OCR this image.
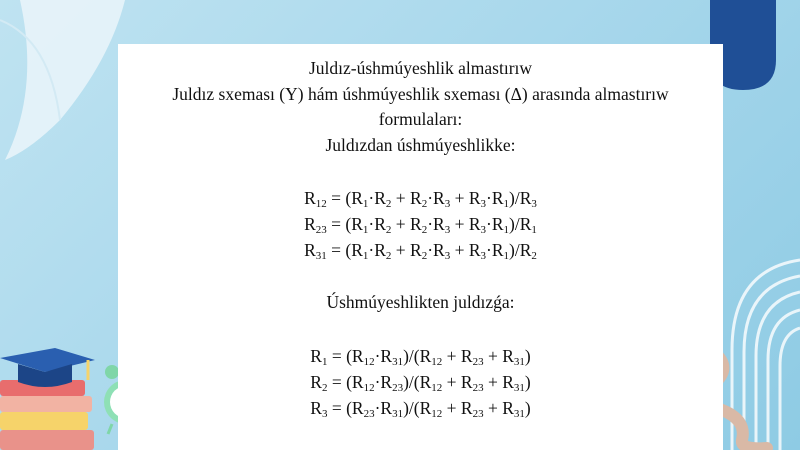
Juldız-úshmúyeshlik almastırıw
Juldız sxeması (Y) hám úshmúyeshlik sxeması (Δ) arasında almastırıw
formulaları:
Juldızdan úshmúyeshlikke:
$R_{12} = (R_1\cdot R_2 + R_2\cdot R_3 + R_3\cdot R_1)/R_3$
$R_{23} = (R_1\cdot R_2 + R_2\cdot R_3 + R_3\cdot R_1)/R_1$
$R_{31} = (R_1\cdot R_2 + R_2\cdot R_3 + R_3\cdot R_1)/R_2$
Úshmúyeshlikten juldızǵa:
$R_1 = (R_{12}\cdot R_{31})/(R_{12} + R_{23} + R_{31})$
$R_2 = (R_{12}\cdot R_{23})/(R_{12} + R_{23} + R_{31})$
$R_3 = (R_{23}\cdot R_{31})/(R_{12} + R_{23} + R_{31})$
